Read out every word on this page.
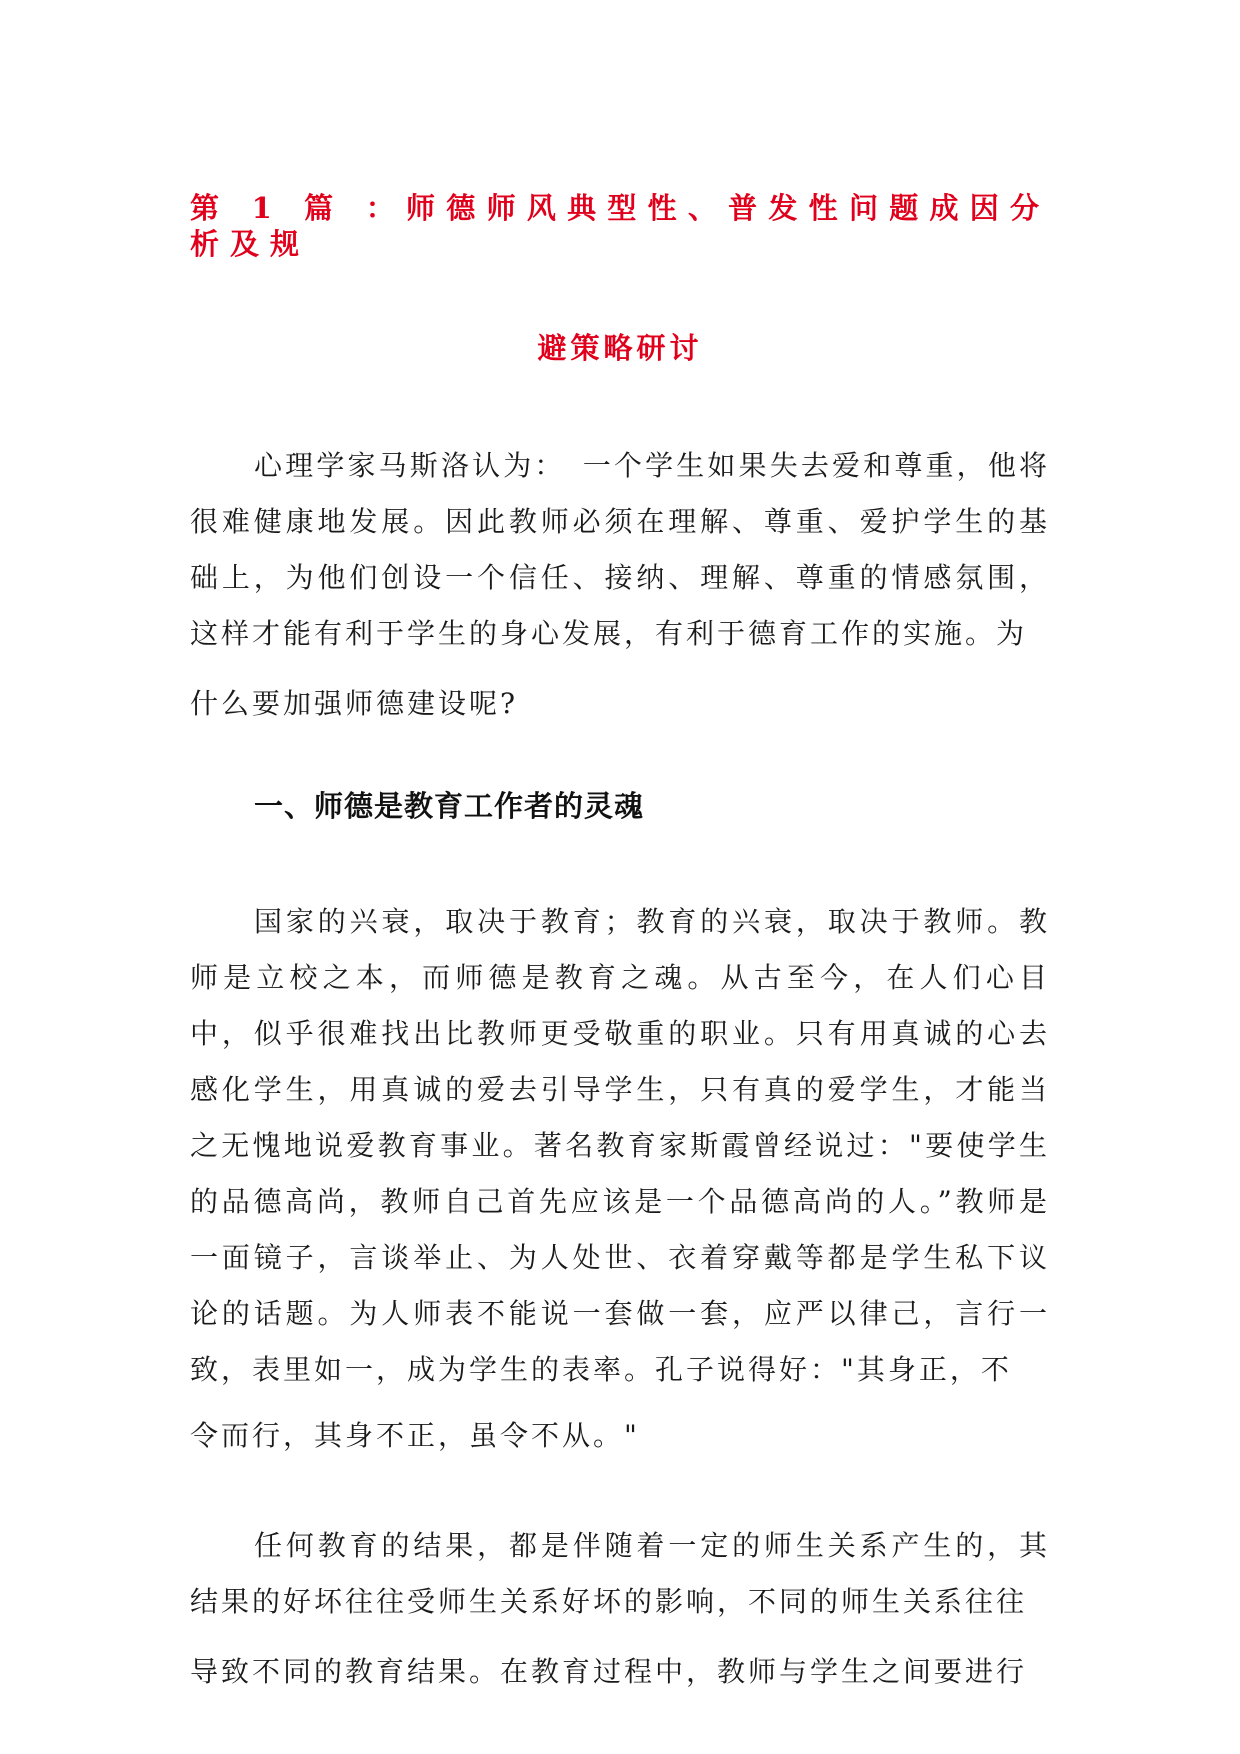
第 1 篇 ：师德师风典型性、普发性问题成因分析及规
避策略研讨

心理学家马斯洛认为：　一个学生如果失去爱和尊重，他将很难健康地发展。因此教师必须在理解、尊重、爱护学生的基础上，为他们创设一个信任、接纳、理解、尊重的情感氛围，这样才能有利于学生的身心发展，有利于德育工作的实施。为

什么要加强师德建设呢?

一、师德是教育工作者的灵魂

国家的兴衰，取决于教育；教育的兴衰，取决于教师。教师是立校之本，而师德是教育之魂。从古至今，在人们心目中，似乎很难找出比教师更受敬重的职业。只有用真诚的心去感化学生，用真诚的爱去引导学生，只有真的爱学生，才能当之无愧地说爱教育事业。著名教育家斯霞曾经说过："要使学生的品德高尚，教师自己首先应该是一个品德高尚的人。”教师是一面镜子，言谈举止、为人处世、衣着穿戴等都是学生私下议论的话题。为人师表不能说一套做一套，应严以律己，言行一致，表里如一，成为学生的表率。孔子说得好："其身正，不

令而行，其身不正，虽令不从。"

任何教育的结果，都是伴随着一定的师生关系产生的，其结果的好坏往往受师生关系好坏的影响，不同的师生关系往往

导致不同的教育结果。在教育过程中，教师与学生之间要进行
